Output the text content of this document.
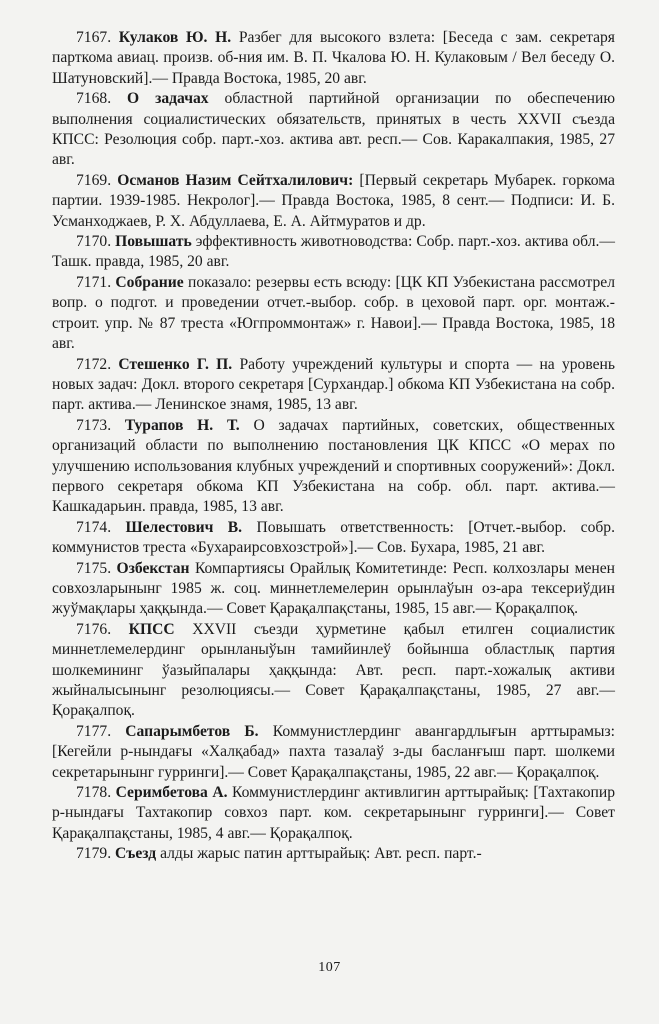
7167. Кулаков Ю. Н. Разбег для высокого взлета: [Беседа с зам. секретаря парткома авиац. произв. об-ния им. В. П. Чкалова Ю. Н. Кулаковым / Вел беседу О. Шатуновский].— Правда Востока, 1985, 20 авг.

7168. О задачах областной партийной организации по обеспечению выполнения социалистических обязательств, принятых в честь XXVII съезда КПСС: Резолюция собр. парт.-хоз. актива авт. респ.— Сов. Каракалпакия, 1985, 27 авг.

7169. Османов Назим Сейтхалилович: [Первый секретарь Мубарек. горкома партии. 1939-1985. Некролог].— Правда Востока, 1985, 8 сент.— Подписи: И. Б. Усманходжаев, Р. Х. Абдуллаева, Е. А. Айтмуратов и др.

7170. Повышать эффективность животноводства: Собр. парт.-хоз. актива обл.— Ташк. правда, 1985, 20 авг.

7171. Собрание показало: резервы есть всюду: [ЦК КП Узбекистана рассмотрел вопр. о подгот. и проведении отчет.-выбор. собр. в цеховой парт. орг. монтаж.-строит. упр. № 87 треста «Югпроммонтаж» г. Навои].— Правда Востока, 1985, 18 авг.

7172. Стешенко Г. П. Работу учреждений культуры и спорта — на уровень новых задач: Докл. второго секретаря [Сурхандар.] обкома КП Узбекистана на собр. парт. актива.— Ленинское знамя, 1985, 13 авг.

7173. Турапов Н. Т. О задачах партийных, советских, общественных организаций области по выполнению постановления ЦК КПСС «О мерах по улучшению использования клубных учреждений и спортивных сооружений»: Докл. первого секретаря обкома КП Узбекистана на собр. обл. парт. актива.— Кашкадарьин. правда, 1985, 13 авг.

7174. Шелестович В. Повышать ответственность: [Отчет.-выбор. собр. коммунистов треста «Бухараирсовхозстрой»].— Сов. Бухара, 1985, 21 авг.

7175. Озбекстан Компартиясы Орайлық Комитетинде: Респ. колхозлары менен совхозларынынг 1985 ж. соц. миннетлемелерин орынлаўын оз-ара тексериўдин жуўмақлары ҳаққында.— Совет Қарақалпақстаны, 1985, 15 авг.— Қорақалпоқ.

7176. КПСС XXVII съезди ҳурметине қабыл етилген социалистик миннетлемелердинг орынланыўын тамийинлеў бойынша областлық партия шолкемининг ўазыйпалары ҳаққында: Авт. респ. парт.-хожалық активи жыйналысынынг резолюциясы.— Совет Қарақалпақстаны, 1985, 27 авг.— Қорақалпоқ.

7177. Сапарымбетов Б. Коммунистлердинг авангардлығын арттырамыз: [Кегейли р-нындағы «Халқабад» пахта тазалаў з-ды басланғыш парт. шолкеми секретарынынг гурринги].— Совет Қарақалпақстаны, 1985, 22 авг.— Қорақалпоқ.

7178. Серимбетова А. Коммунистлердинг активлигин арттырайық: [Тахтакопир р-нындағы Тахтакопир совхоз парт. ком. секретарынынг гурринги].— Совет Қарақалпақстаны, 1985, 4 авг.— Қорақалпоқ.

7179. Съезд алды жарыс патин арттырайық: Авт. респ. парт.-

107
